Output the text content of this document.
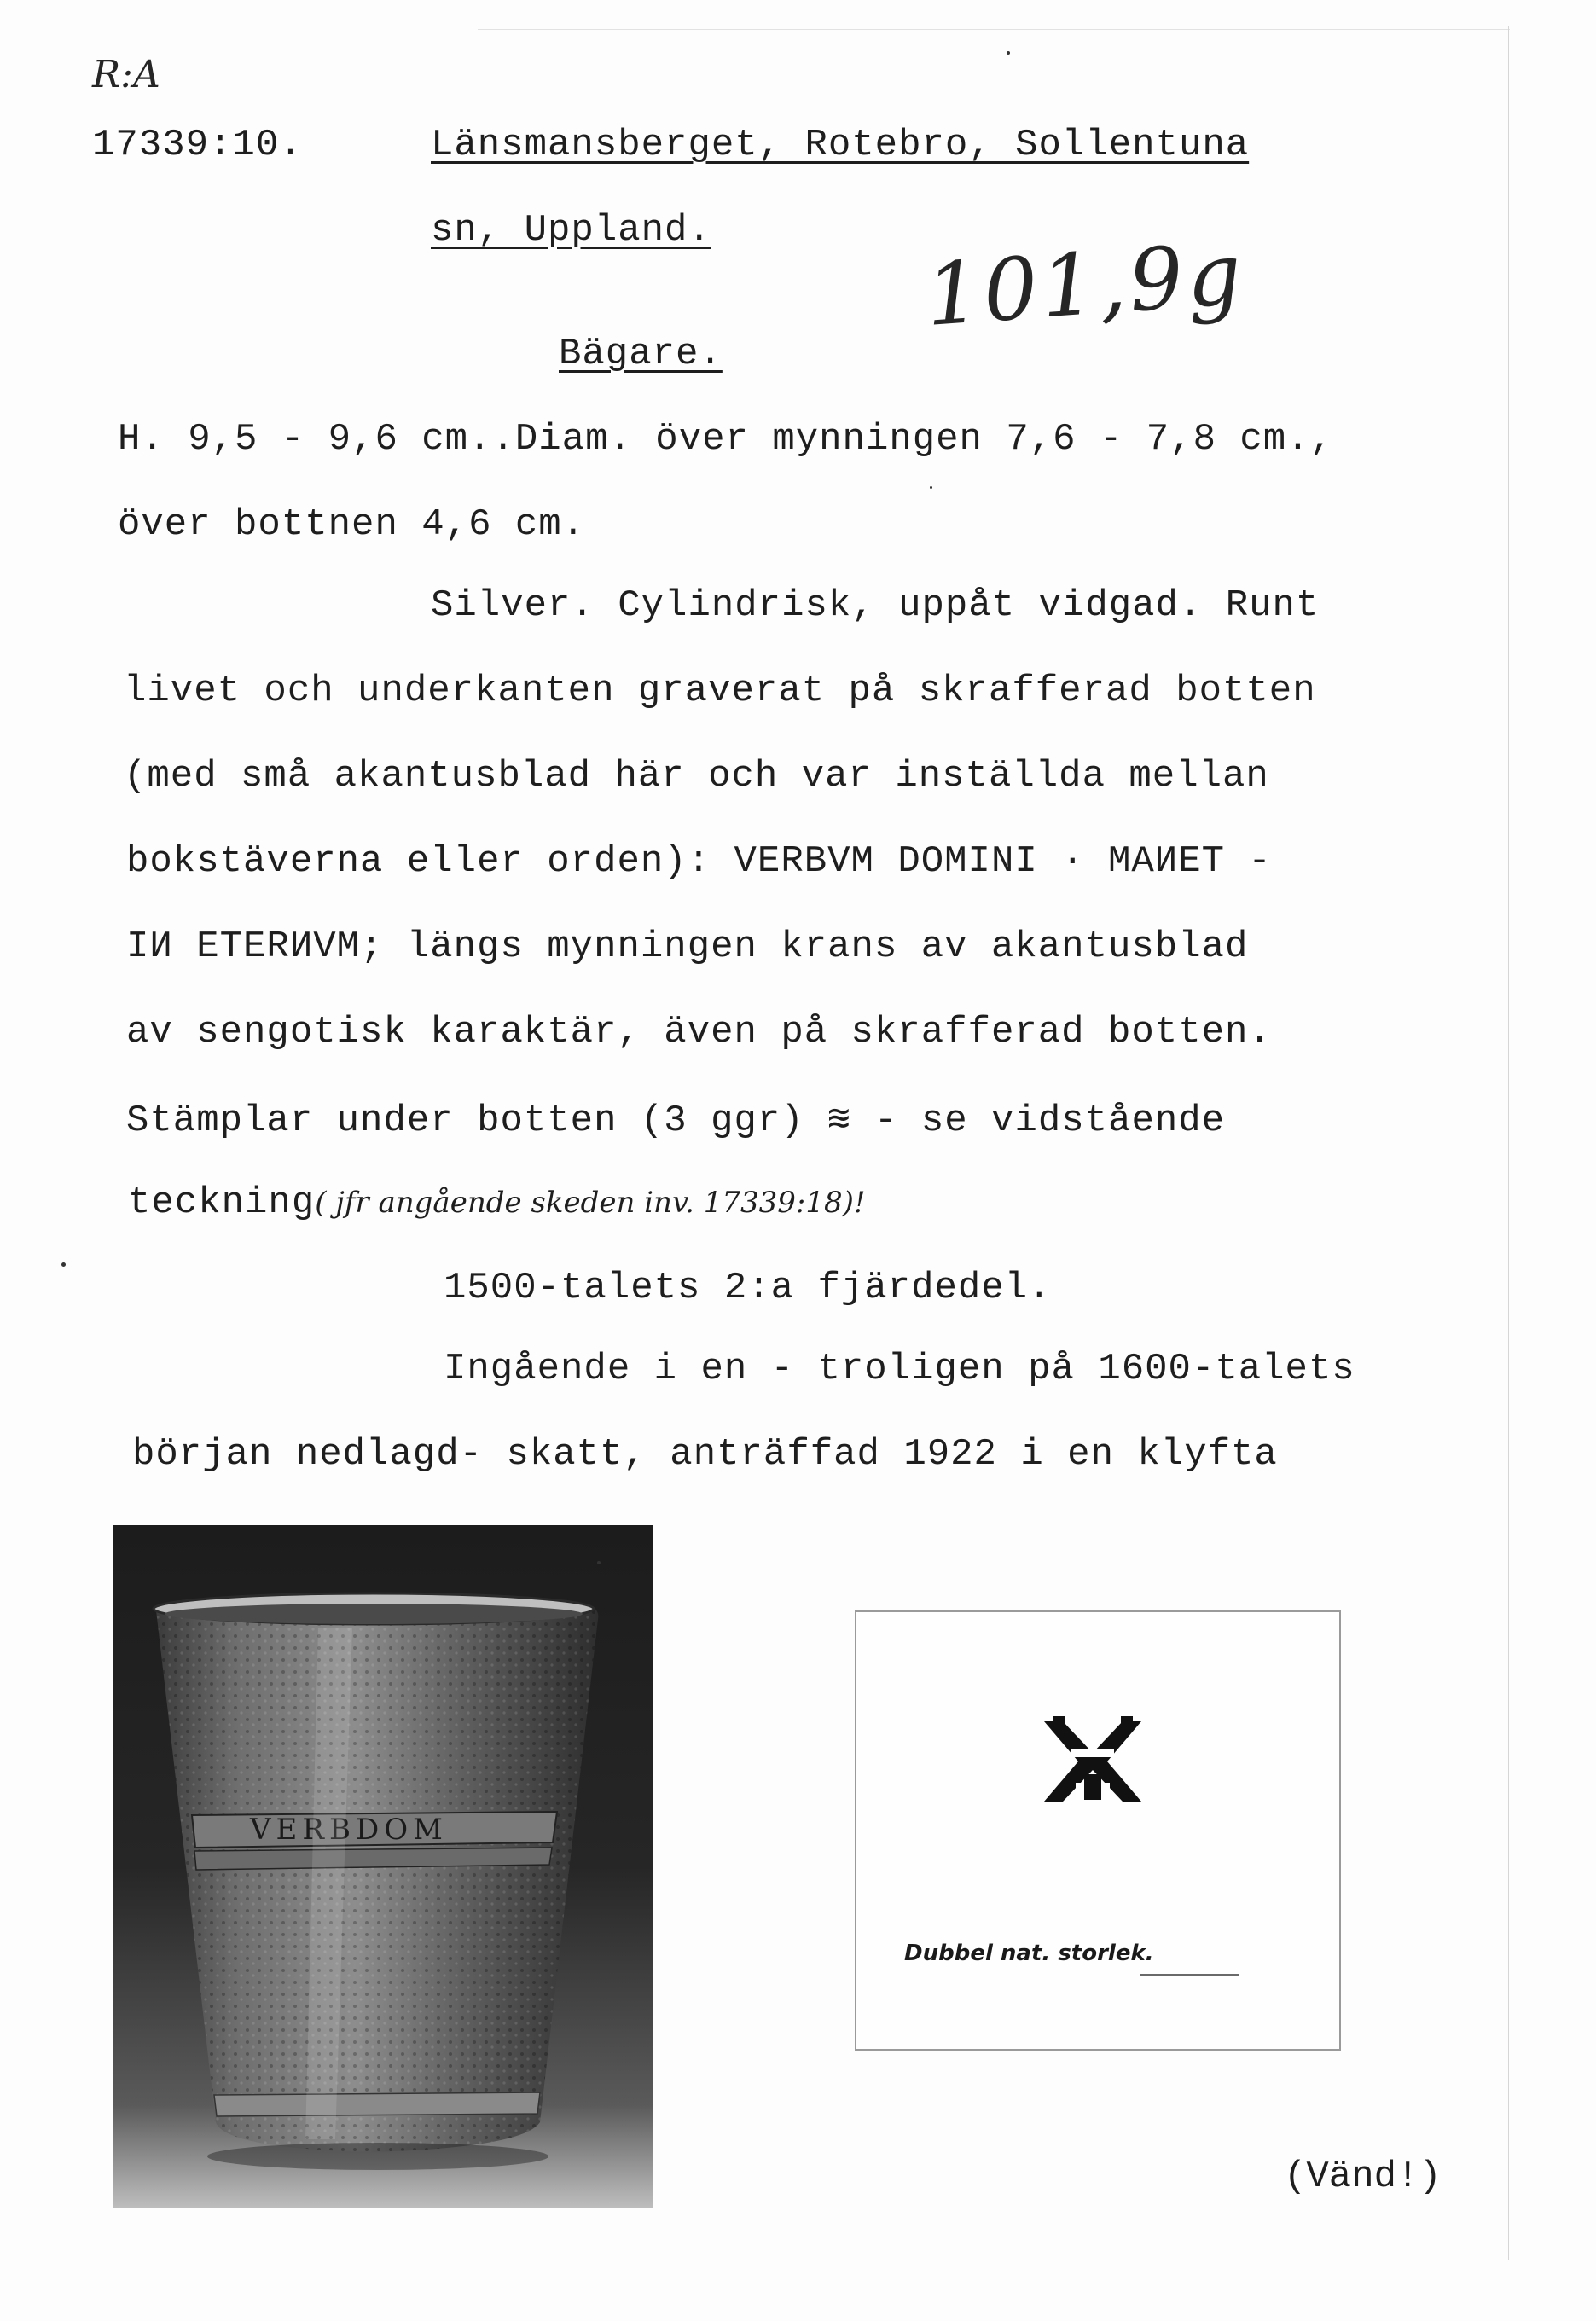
R:A
17339:10.	Länsmansberget, Rotebro, Sollentuna
sn, Uppland.
Bägare.
101,9g
H. 9,5 - 9,6 cm..Diam. över mynningen 7,6 - 7,8 cm.,
över bottnen 4,6 cm.
Silver. Cylindrisk, uppåt vidgad. Runt
livet och underkanten graverat på skrafferad botten
(med små akantusblad här och var inställda mellan
bokstäverna eller orden): VERBVM DOMINI · MAИET -
IИ ETERИVM; längs mynningen krans av akantusblad
av sengotisk karaktär, även på skrafferad botten.
Stämplar under botten (3 ggr) ≋ - se vidstående
teckning( jfr angående skeden inv. 17339:18)!
1500-talets 2:a fjärdedel.
Ingående i en - troligen på 1600-talets
början nedlagd- skatt, anträffad 1922 i en klyfta
VERBDOM
Dubbel nat. storlek.
(Vänd!)
